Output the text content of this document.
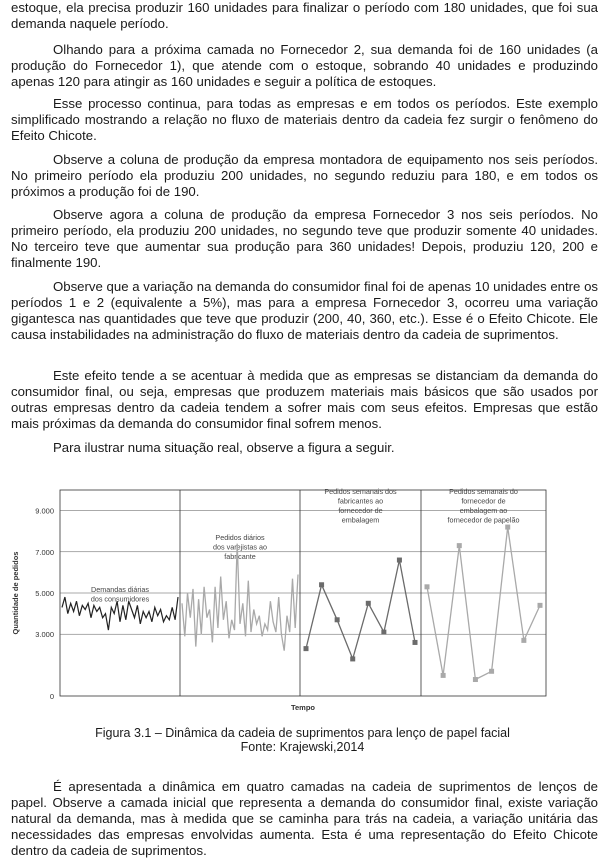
estoque, ela precisa produzir 160 unidades para finalizar o período com 180 unidades, que foi sua demanda naquele período.

Olhando para a próxima camada no Fornecedor 2, sua demanda foi de 160 unidades (a produção do Fornecedor 1), que atende com o estoque, sobrando 40 unidades e produzindo apenas 120 para atingir as 160 unidades e seguir a política de estoques.

Esse processo continua, para todas as empresas e em todos os períodos. Este exemplo simplificado mostrando a relação no fluxo de materiais dentro da cadeia fez surgir o fenômeno do Efeito Chicote.

Observe a coluna de produção da empresa montadora de equipamento nos seis períodos. No primeiro período ela produziu 200 unidades, no segundo reduziu para 180, e em todos os próximos a produção foi de 190.

Observe agora a coluna de produção da empresa Fornecedor 3 nos seis períodos. No primeiro período, ela produziu 200 unidades, no segundo teve que produzir somente 40 unidades. No terceiro teve que aumentar sua produção para 360 unidades! Depois, produziu 120, 200 e finalmente 190.

Observe que a variação na demanda do consumidor final foi de apenas 10 unidades entre os períodos 1 e 2 (equivalente a 5%), mas para a empresa Fornecedor 3, ocorreu uma variação gigantesca nas quantidades que teve que produzir (200, 40, 360, etc.). Esse é o Efeito Chicote. Ele causa instabilidades na administração do fluxo de materiais dentro da cadeia de suprimentos.

Este efeito tende a se acentuar à medida que as empresas se distanciam da demanda do consumidor final, ou seja, empresas que produzem materiais mais básicos que são usados por outras empresas dentro da cadeia tendem a sofrer mais com seus efeitos. Empresas que estão mais próximas da demanda do consumidor final sofrem menos.

Para ilustrar numa situação real, observe a figura a seguir.

0
3.000
5.000
7.000
9.000
Quantidade de pedidos
Tempo
Demandas diárias
dos consumidores
Pedidos diários
dos varejistas ao
fabricante
Pedidos semanais dos
fabricantes ao
fornecedor de
embalagem
Pedidos semanais do
fornecedor de
embalagem ao
fornecedor de papelão
Figura 3.1 – Dinâmica da cadeia de suprimentos para lenço de papel facial
Fonte: Krajewski,2014

É apresentada a dinâmica em quatro camadas na cadeia de suprimentos de lenços de papel. Observe a camada inicial que representa a demanda do consumidor final, existe variação natural da demanda, mas à medida que se caminha para trás na cadeia, a variação unitária das necessidades das empresas envolvidas aumenta. Esta é uma representação do Efeito Chicote dentro da cadeia de suprimentos.
